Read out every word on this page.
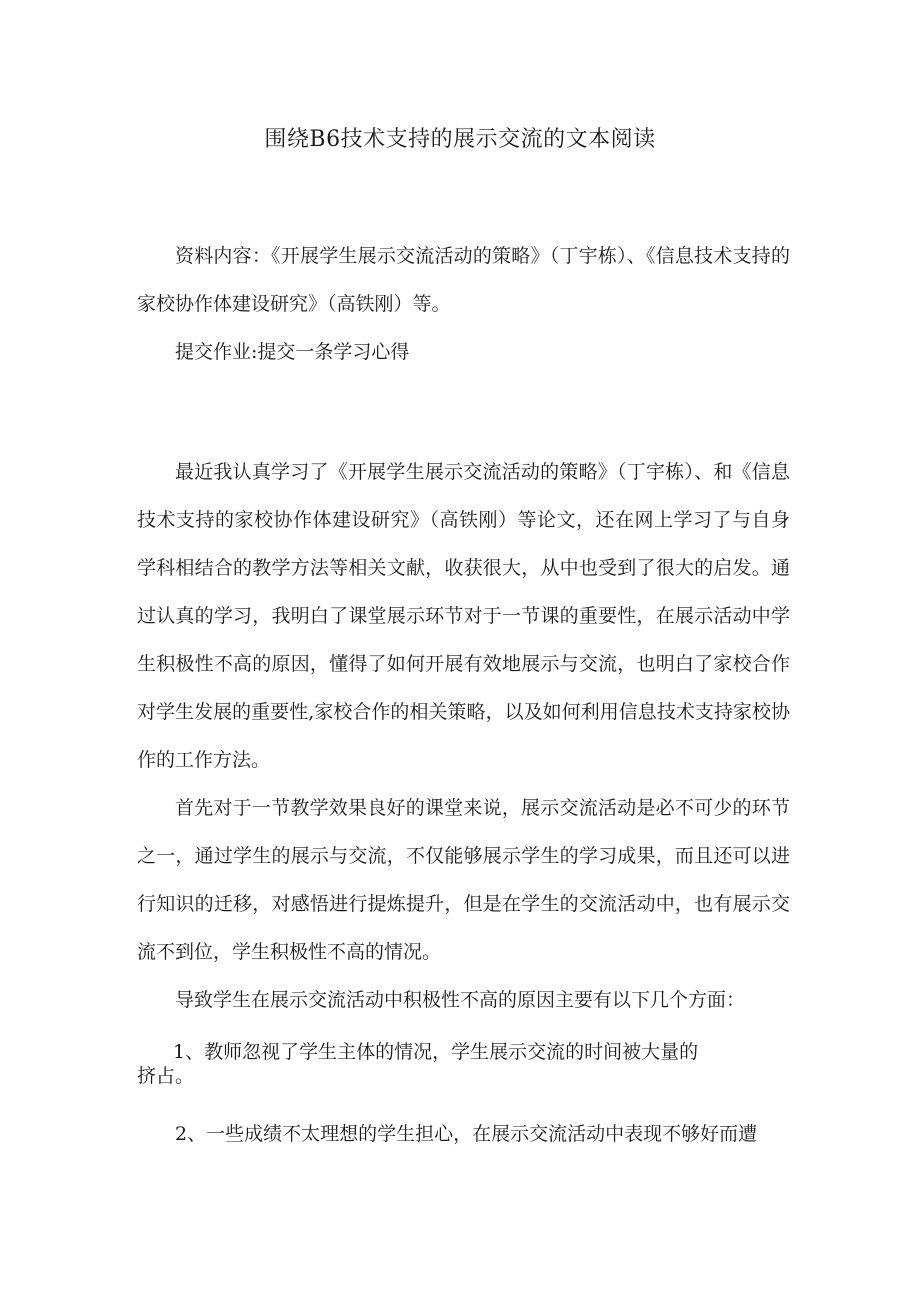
围绕B6技术支持的展示交流的文本阅读

资料内容：《开展学生展示交流活动的策略》（丁宇栋）、《信息技术支持的家校协作体建设研究》（高铁刚）等。

提交作业:提交一条学习心得

最近我认真学习了《开展学生展示交流活动的策略》（丁宇栋）、和《信息技术支持的家校协作体建设研究》（高铁刚）等论文，还在网上学习了与自身学科相结合的教学方法等相关文献，收获很大，从中也受到了很大的启发。通过认真的学习，我明白了课堂展示环节对于一节课的重要性，在展示活动中学生积极性不高的原因，懂得了如何开展有效地展示与交流，也明白了家校合作对学生发展的重要性,家校合作的相关策略，以及如何利用信息技术支持家校协作的工作方法。

首先对于一节教学效果良好的课堂来说，展示交流活动是必不可少的环节之一，通过学生的展示与交流，不仅能够展示学生的学习成果，而且还可以进行知识的迁移，对感悟进行提炼提升，但是在学生的交流活动中，也有展示交流不到位，学生积极性不高的情况。

导致学生在展示交流活动中积极性不高的原因主要有以下几个方面：

1、教师忽视了学生主体的情况，学生展示交流的时间被大量的
挤占。

2、一些成绩不太理想的学生担心，在展示交流活动中表现不够好而遭
